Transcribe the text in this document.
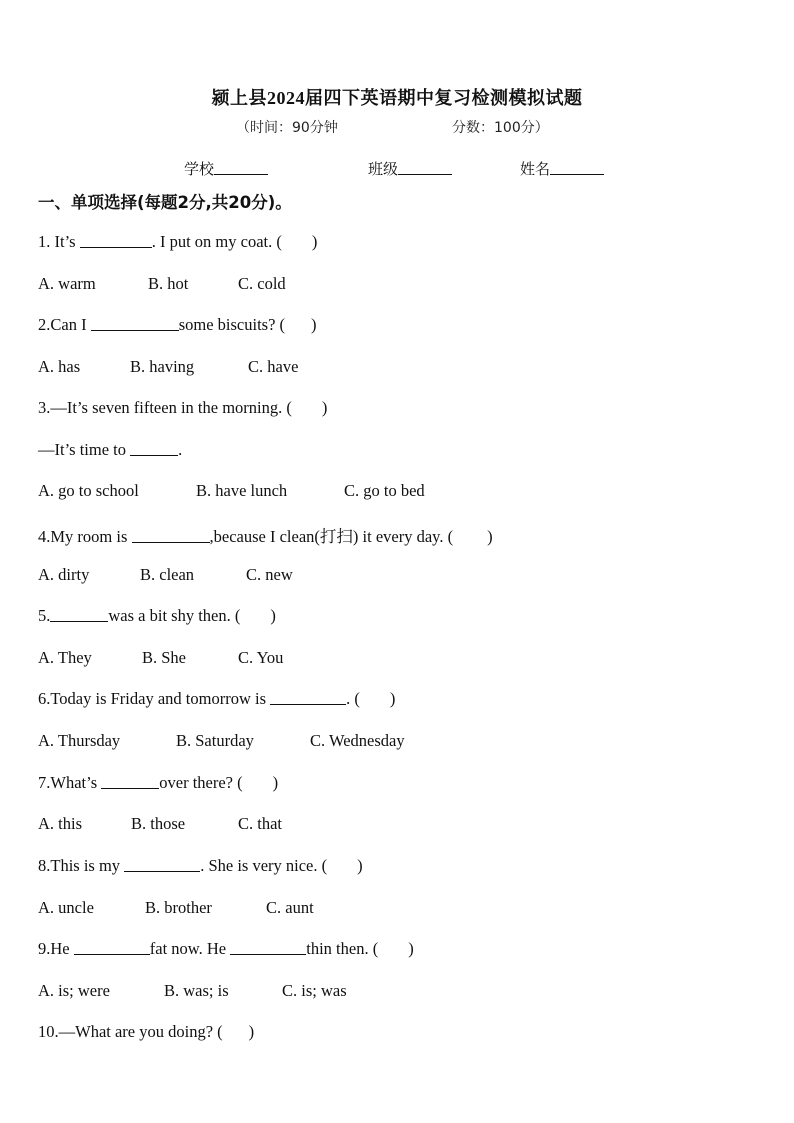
颍上县2024届四下英语期中复习检测模拟试题
（时间：90分钟	分数：100分）
学校	班级	姓名
一、单项选择(每题2分,共20分)。
1. It’s	. I put on my coat. ( )
A. warm	B. hot	C. cold
2.Can I	some biscuits? ( )
A. has	B. having	C. have
3.—It’s seven fifteen in the morning. ( )
—It’s time to	.
A. go to school	B. have lunch	C. go to bed
4.My room is	,because I clean(打扫) it every day. ( )
A. dirty	B. clean	C. new
5.	was a bit shy then. ( )
A. They	B. She	C. You
6.Today is Friday and tomorrow is	. ( )
A. Thursday	B. Saturday	C. Wednesday
7.What’s	over there? ( )
A. this	B. those	C. that
8.This is my	. She is very nice. ( )
A. uncle	B. brother	C. aunt
9.He	fat now. He	thin then. ( )
A. is; were	B. was; is	C. is; was
10.—What are you doing? ( )
